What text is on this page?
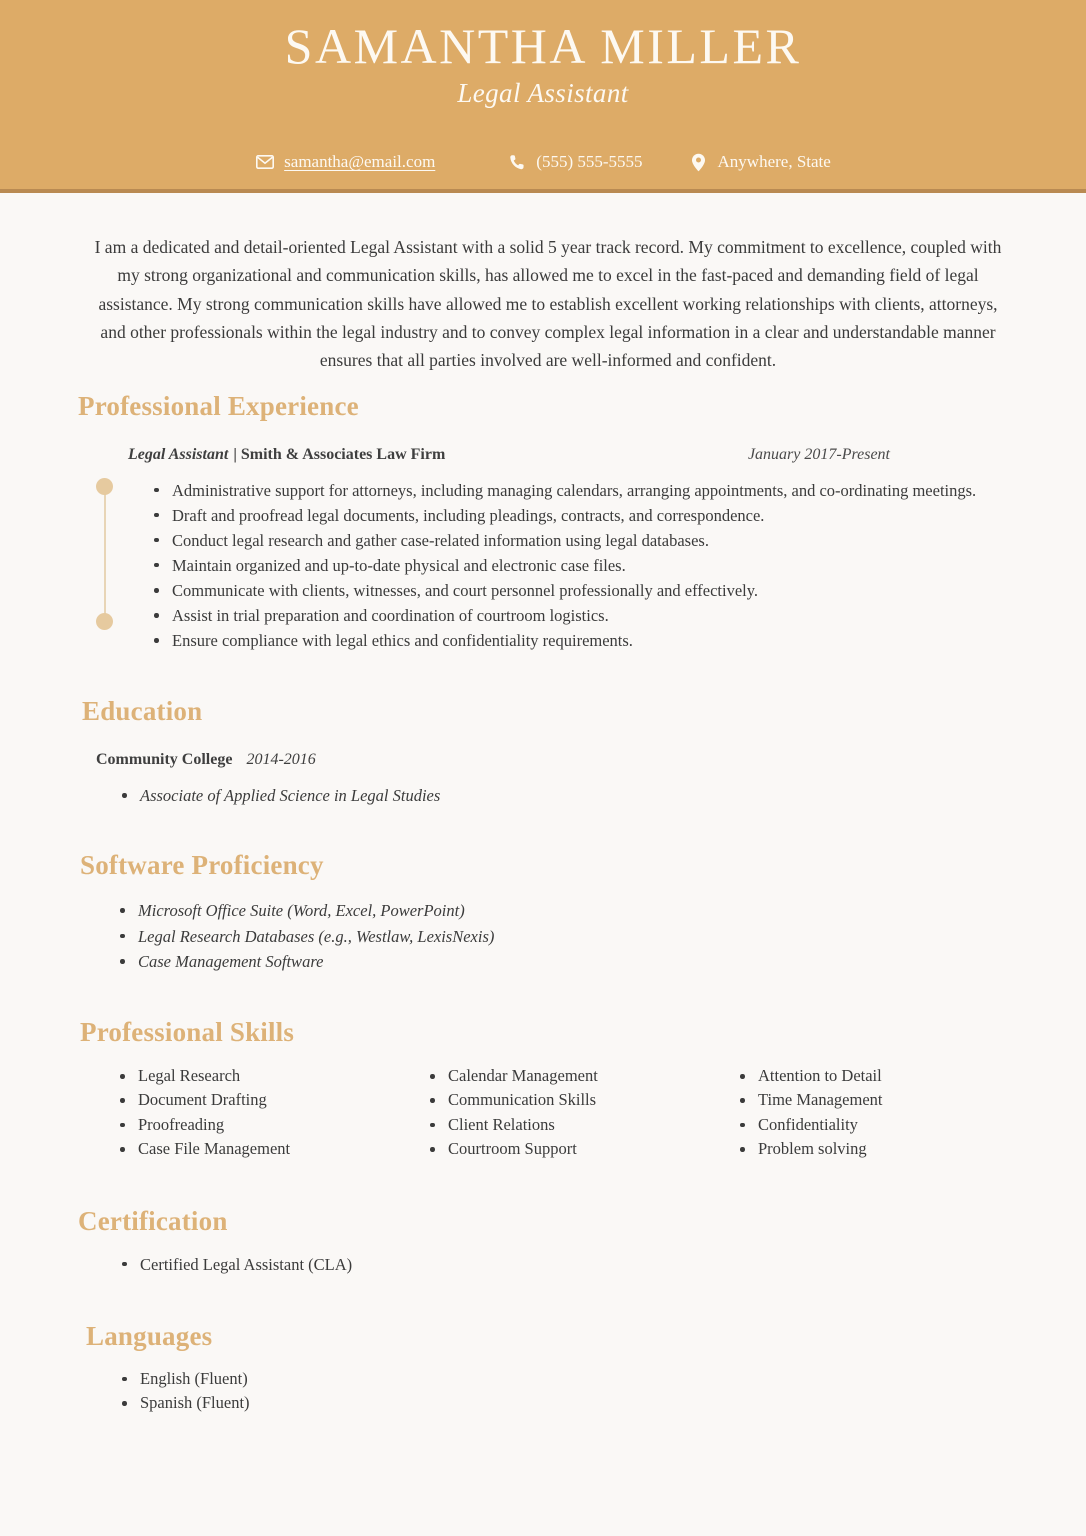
SAMANTHA MILLER
Legal Assistant
samantha@email.com	(555) 555-5555	Anywhere, State

I am a dedicated and detail-oriented Legal Assistant with a solid 5 year track record. My commitment to excellence, coupled with my strong organizational and communication skills, has allowed me to excel in the fast-paced and demanding field of legal assistance. My strong communication skills have allowed me to establish excellent working relationships with clients, attorneys, and other professionals within the legal industry and to convey complex legal information in a clear and understandable manner ensures that all parties involved are well-informed and confident.

Professional Experience
Legal Assistant | Smith & Associates Law Firm	January 2017-Present
Administrative support for attorneys, including managing calendars, arranging appointments, and co-ordinating meetings.
Draft and proofread legal documents, including pleadings, contracts, and correspondence.
Conduct legal research and gather case-related information using legal databases.
Maintain organized and up-to-date physical and electronic case files.
Communicate with clients, witnesses, and court personnel professionally and effectively.
Assist in trial preparation and coordination of courtroom logistics.
Ensure compliance with legal ethics and confidentiality requirements.
Education
Community College 2014-2016
Associate of Applied Science in Legal Studies
Software Proficiency
Microsoft Office Suite (Word, Excel, PowerPoint)
Legal Research Databases (e.g., Westlaw, LexisNexis)
Case Management Software
Professional Skills
Legal Research
Document Drafting
Proofreading
Case File Management
Calendar Management
Communication Skills
Client Relations
Courtroom Support
Attention to Detail
Time Management
Confidentiality
Problem solving
Certification
Certified Legal Assistant (CLA)
Languages
English (Fluent)
Spanish (Fluent)
